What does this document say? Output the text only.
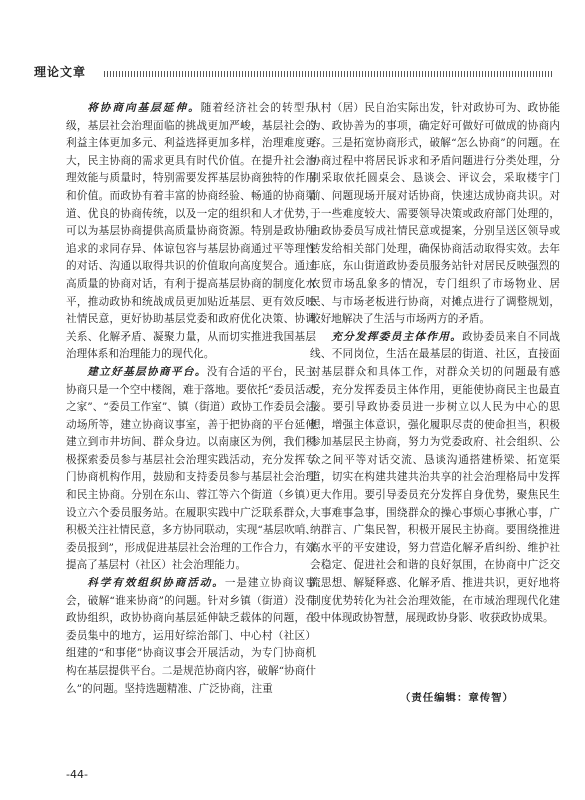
理论文章

将协商向基层延伸。随着经济社会的转型升级，基层社会治理面临的挑战更加严峻，基层社会的利益主体更加多元、利益选择更加多样，治理难度更大，民主协商的需求更具有时代价值。在提升社会治理效能与质量时，特别需要发挥基层协商独特的作用和价值。而政协有着丰富的协商经验、畅通的协商渠道、优良的协商传统，以及一定的组织和人才优势，可以为基层协商提供高质量协商资源。特别是政协所追求的求同存异、体谅包容与基层协商通过平等理性的对话、沟通以取得共识的价值取向高度契合。通过高质量的协商对话，有利于提高基层协商的制度化水平，推动政协和统战成员更加贴近基层、更有效反映社情民意，更好协助基层党委和政府优化决策、协调关系、化解矛盾、凝聚力量，从而切实推进我国基层治理体系和治理能力的现代化。

建立好基层协商平台。没有合适的平台，民主协商只是一个空中楼阁，难于落地。要依托“委员活动之家”、“委员工作室”、镇（街道）政协工作委员会活动场所等，建立协商议事室，善于把协商的平台延伸建立到市井坊间、群众身边。以南康区为例，我们积极探索委员参与基层社会治理实践活动，充分发挥专门协商机构作用，鼓励和支持委员参与基层社会治理和民主协商。分别在东山、蓉江等六个街道（乡镇）设立六个委员服务站。在履职实践中广泛联系群众，积极关注社情民意，多方协同联动，实现“基层吹哨、委员报到”，形成促进基层社会治理的工作合力，有效提高了基层村（社区）社会治理能力。

科学有效组织协商活动。一是建立协商议事会，破解“谁来协商”的问题。针对乡镇（街道）没有政协组织，政协协商向基层延伸缺乏载体的问题，在委员集中的地方，运用好综治部门、中心村（社区）组建的“和事佬”协商议事会开展活动，为专门协商机构在基层提供平台。二是规范协商内容，破解“协商什么”的问题。坚持选题精准、广泛协商，注重

从村（居）民自治实际出发，针对政协可为、政协能为、政协善为的事项，确定好可做好可做成的协商内容。三是拓宽协商形式，破解“怎么协商”的问题。在协商过程中将居民诉求和矛盾问题进行分类处理，分别采取依托圆桌会、恳谈会、评议会，采取楼宇门前、问题现场开展对话协商，快速达成协商共识。对于一些难度较大、需要领导决策或政府部门处理的，由政协委员写成社情民意或提案，分别呈送区领导或转发给相关部门处理，确保协商活动取得实效。去年年底，东山街道政协委员服务站针对居民反映强烈的农贸市场乱象多的情况，专门组织了市场物业、居民、与市场老板进行协商，对摊点进行了调整规划，较好地解决了生活与市场两方的矛盾。

充分发挥委员主体作用。政协委员来自不同战线、不同岗位，生活在最基层的街道、社区，直接面对基层群众和具体工作，对群众关切的问题最有感受，充分发挥委员主体作用，更能使协商民主也最直接。要引导政协委员进一步树立以人民为中心的思想，增强主体意识，强化履职尽责的使命担当，积极参加基层民主协商，努力为党委政府、社会组织、公众之间平等对话交流、恳谈沟通搭建桥梁、拓宽渠道，切实在构建共建共治共享的社会治理格局中发挥更大作用。要引导委员充分发挥自身优势，聚焦民生大事难事急事，围绕群众的操心事烦心事揪心事，广纳群言、广集民智，积极开展民主协商。要围绕推进高水平的平安建设，努力营造化解矛盾纠纷、维护社会稳定、促进社会和谐的良好氛围，在协商中广泛交流思想、解疑释惑、化解矛盾、推进共识，更好地将制度优势转化为社会治理效能，在市域治理现代化建设中体现政协智慧，展现政协身影、收获政协成果。

（责任编辑：章传智）
-44-
